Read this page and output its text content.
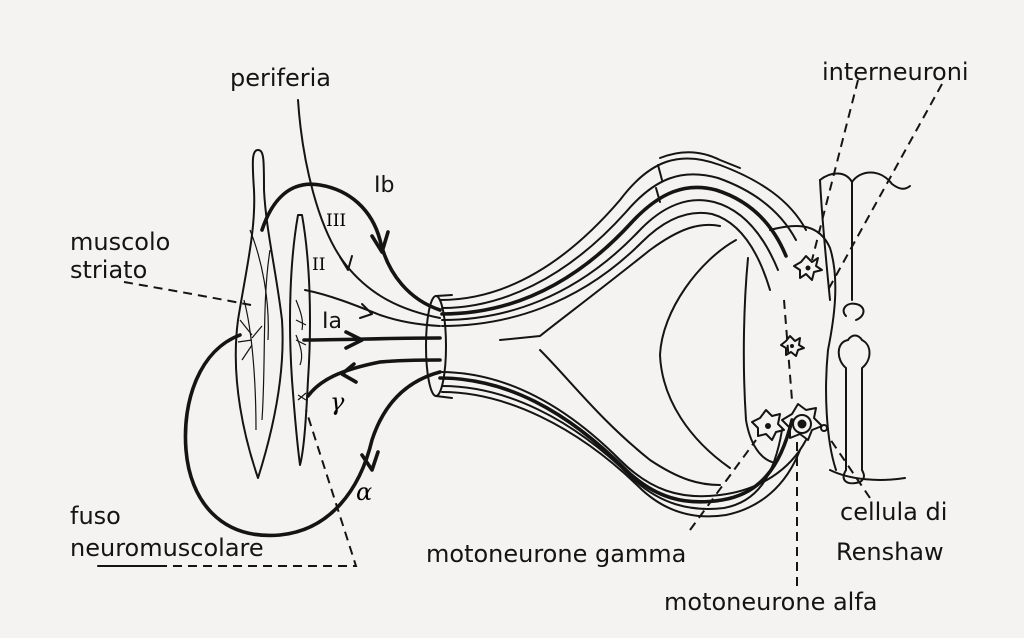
periferia	interneuroni
muscolo
striato
fuso
neuromuscolare	motoneurone gamma
motoneurone alfa
cellula di
Renshaw
Ib
III
II
Ia
γ
α
